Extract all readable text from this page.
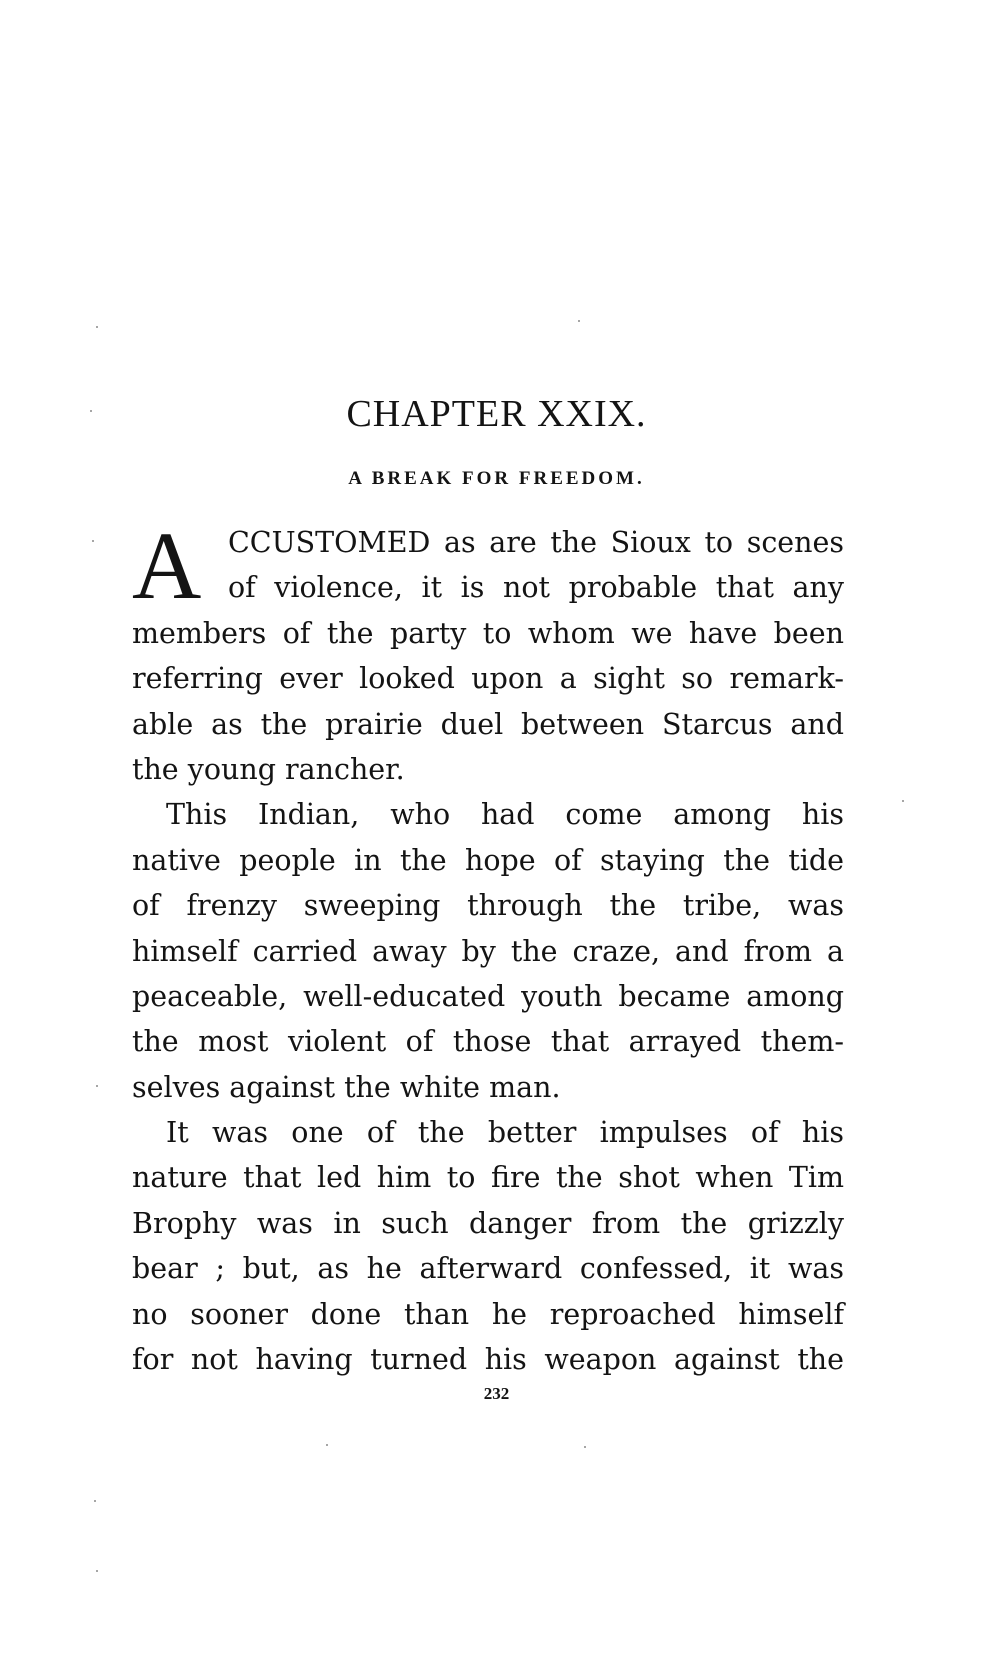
CHAPTER XXIX.
A BREAK FOR FREEDOM.
A CCUSTOMED as are the Sioux to scenes
of violence, it is not probable that any
members of the party to whom we have been
referring ever looked upon a sight so remark-
able as the prairie duel between Starcus and
the young rancher.
This Indian, who had come among his
native people in the hope of staying the tide
of frenzy sweeping through the tribe, was
himself carried away by the craze, and from a
peaceable, well-educated youth became among
the most violent of those that arrayed them-
selves against the white man.
It was one of the better impulses of his
nature that led him to fire the shot when Tim
Brophy was in such danger from the grizzly
bear ; but, as he afterward confessed, it was
no sooner done than he reproached himself
for not having turned his weapon against the
232
